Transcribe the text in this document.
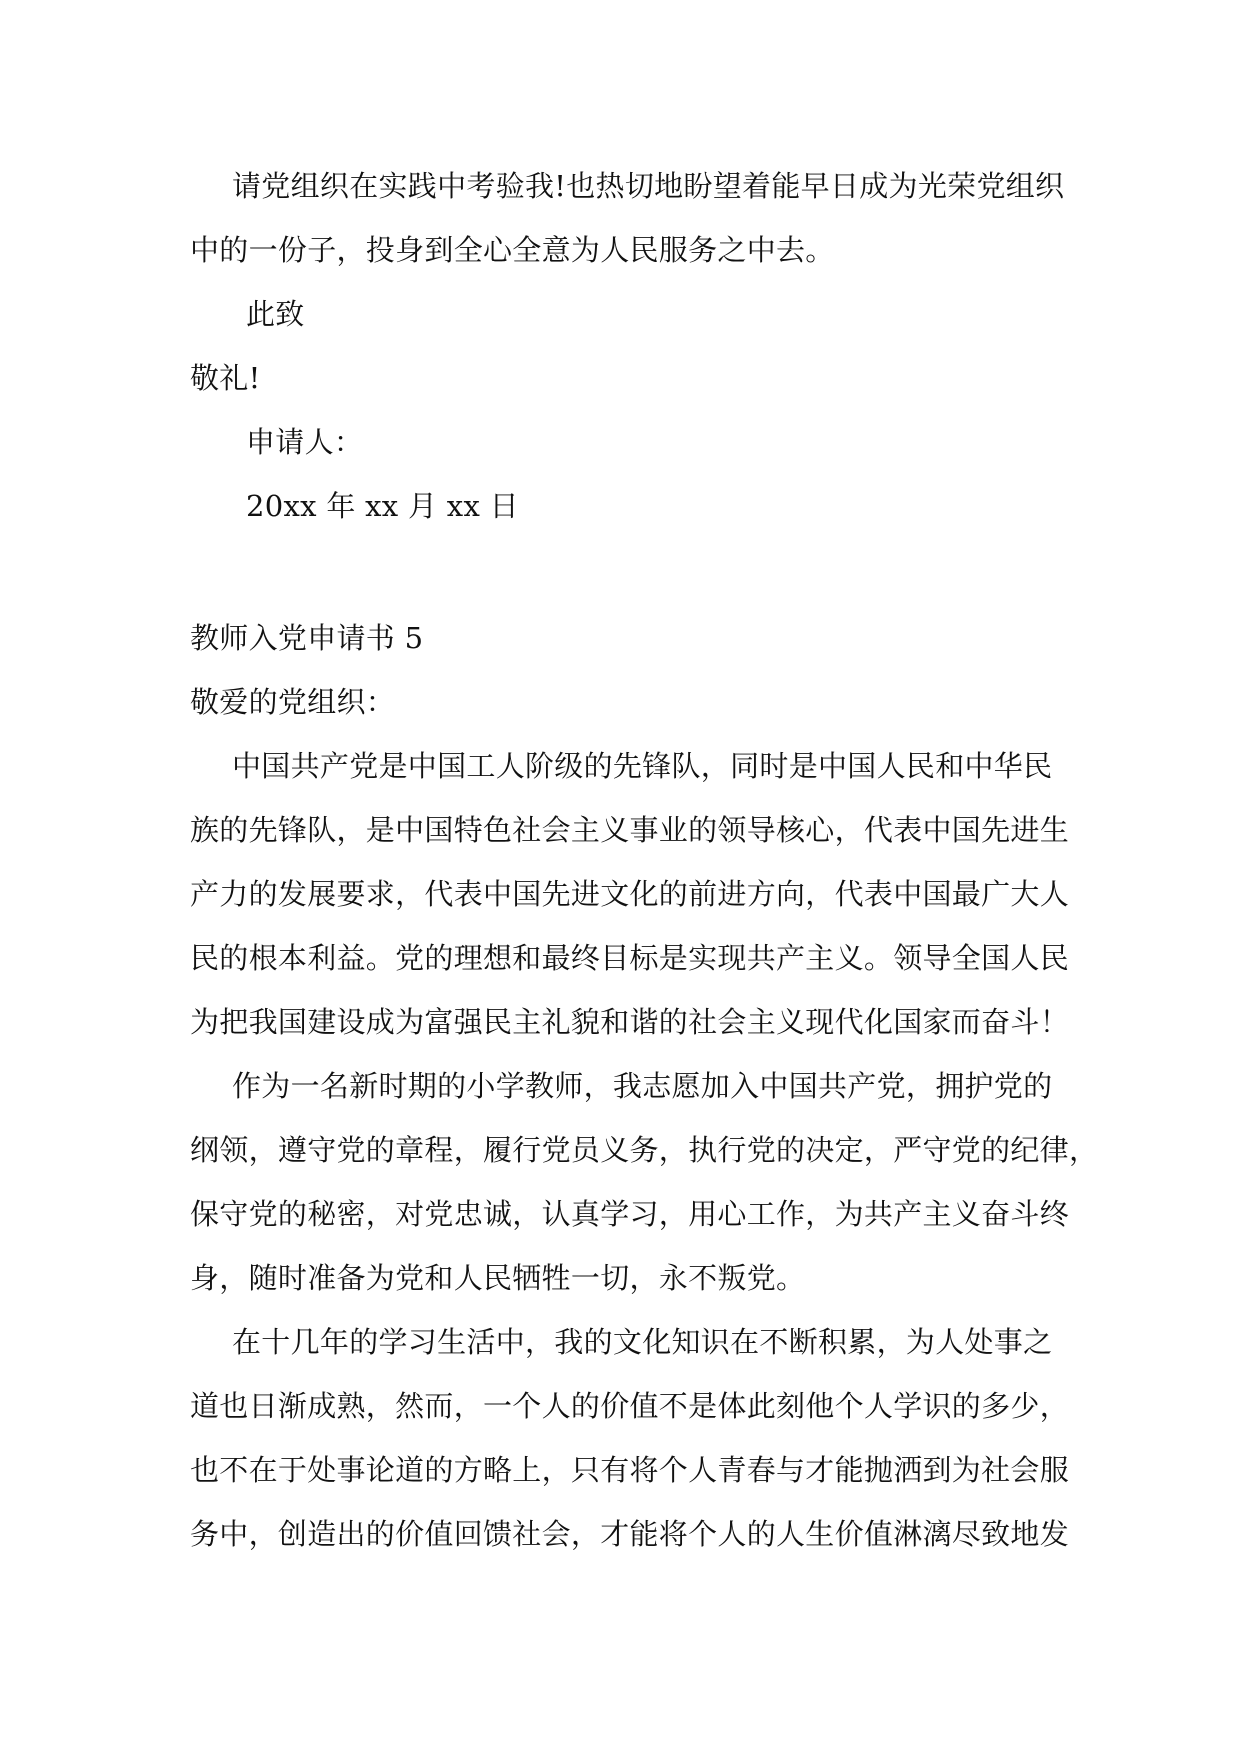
请党组织在实践中考验我!也热切地盼望着能早日成为光荣党组织

中的一份子，投身到全心全意为人民服务之中去。

此致

敬礼!

申请人：

20xx 年 xx 月 xx 日

教师入党申请书 5

敬爱的党组织：

中国共产党是中国工人阶级的先锋队，同时是中国人民和中华民

族的先锋队，是中国特色社会主义事业的领导核心，代表中国先进生

产力的发展要求，代表中国先进文化的前进方向，代表中国最广大人

民的根本利益。党的理想和最终目标是实现共产主义。领导全国人民

为把我国建设成为富强民主礼貌和谐的社会主义现代化国家而奋斗！

作为一名新时期的小学教师，我志愿加入中国共产党，拥护党的

纲领，遵守党的章程，履行党员义务，执行党的决定，严守党的纪律，

保守党的秘密，对党忠诚，认真学习，用心工作，为共产主义奋斗终

身，随时准备为党和人民牺牲一切，永不叛党。

在十几年的学习生活中，我的文化知识在不断积累，为人处事之

道也日渐成熟，然而，一个人的价值不是体此刻他个人学识的多少，

也不在于处事论道的方略上，只有将个人青春与才能抛洒到为社会服

务中，创造出的价值回馈社会，才能将个人的人生价值淋漓尽致地发
